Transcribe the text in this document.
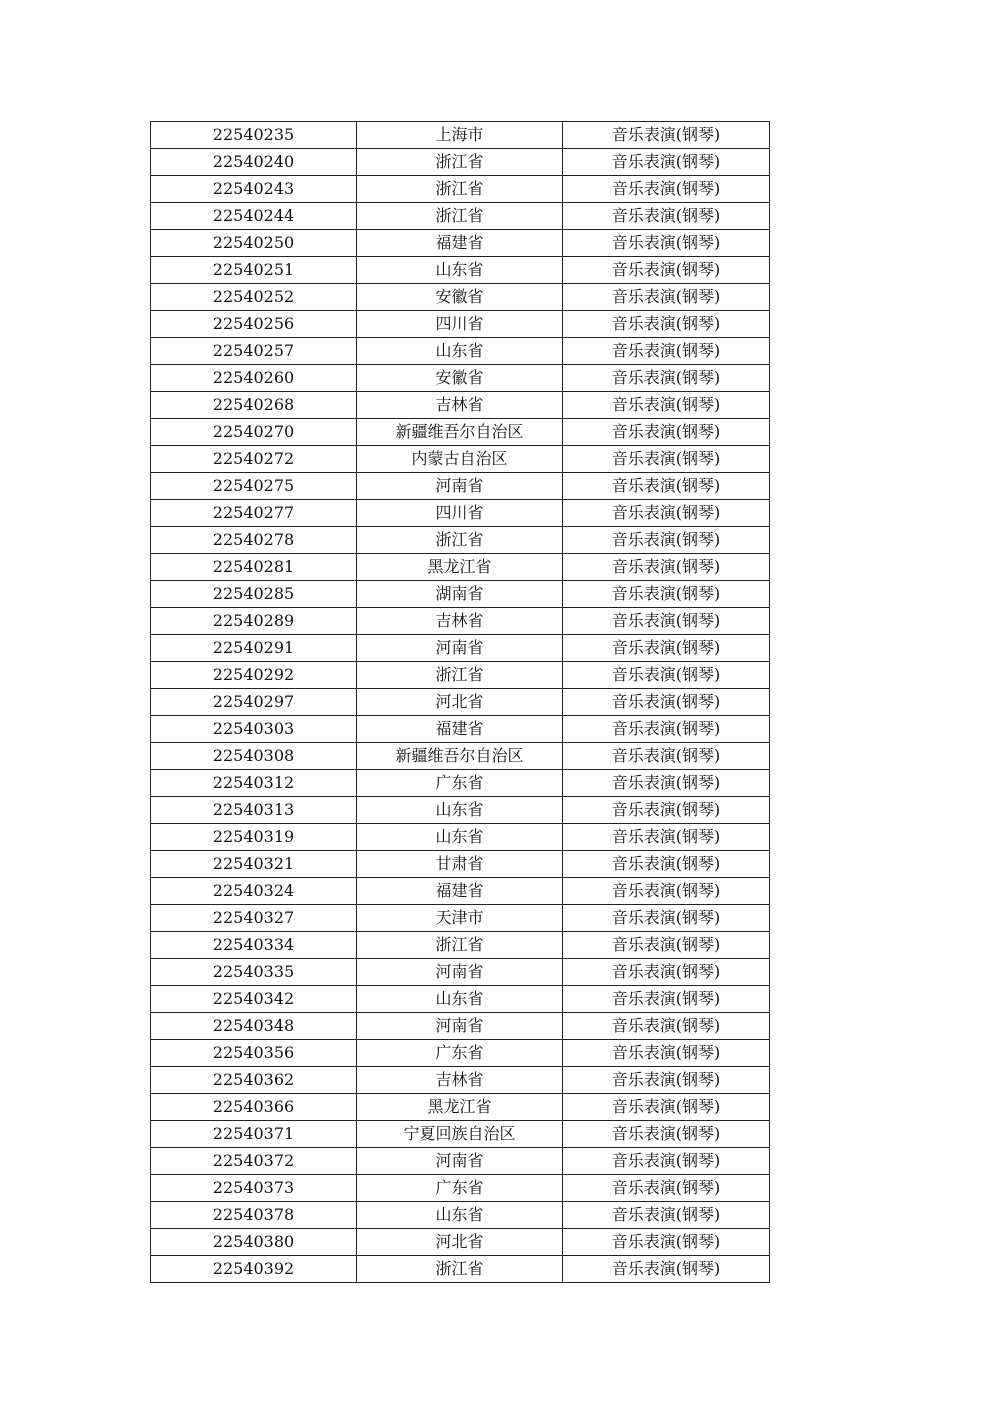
22540235	上海市	音乐表演(钢琴)
22540240	浙江省	音乐表演(钢琴)
22540243	浙江省	音乐表演(钢琴)
22540244	浙江省	音乐表演(钢琴)
22540250	福建省	音乐表演(钢琴)
22540251	山东省	音乐表演(钢琴)
22540252	安徽省	音乐表演(钢琴)
22540256	四川省	音乐表演(钢琴)
22540257	山东省	音乐表演(钢琴)
22540260	安徽省	音乐表演(钢琴)
22540268	吉林省	音乐表演(钢琴)
22540270	新疆维吾尔自治区	音乐表演(钢琴)
22540272	内蒙古自治区	音乐表演(钢琴)
22540275	河南省	音乐表演(钢琴)
22540277	四川省	音乐表演(钢琴)
22540278	浙江省	音乐表演(钢琴)
22540281	黑龙江省	音乐表演(钢琴)
22540285	湖南省	音乐表演(钢琴)
22540289	吉林省	音乐表演(钢琴)
22540291	河南省	音乐表演(钢琴)
22540292	浙江省	音乐表演(钢琴)
22540297	河北省	音乐表演(钢琴)
22540303	福建省	音乐表演(钢琴)
22540308	新疆维吾尔自治区	音乐表演(钢琴)
22540312	广东省	音乐表演(钢琴)
22540313	山东省	音乐表演(钢琴)
22540319	山东省	音乐表演(钢琴)
22540321	甘肃省	音乐表演(钢琴)
22540324	福建省	音乐表演(钢琴)
22540327	天津市	音乐表演(钢琴)
22540334	浙江省	音乐表演(钢琴)
22540335	河南省	音乐表演(钢琴)
22540342	山东省	音乐表演(钢琴)
22540348	河南省	音乐表演(钢琴)
22540356	广东省	音乐表演(钢琴)
22540362	吉林省	音乐表演(钢琴)
22540366	黑龙江省	音乐表演(钢琴)
22540371	宁夏回族自治区	音乐表演(钢琴)
22540372	河南省	音乐表演(钢琴)
22540373	广东省	音乐表演(钢琴)
22540378	山东省	音乐表演(钢琴)
22540380	河北省	音乐表演(钢琴)
22540392	浙江省	音乐表演(钢琴)
